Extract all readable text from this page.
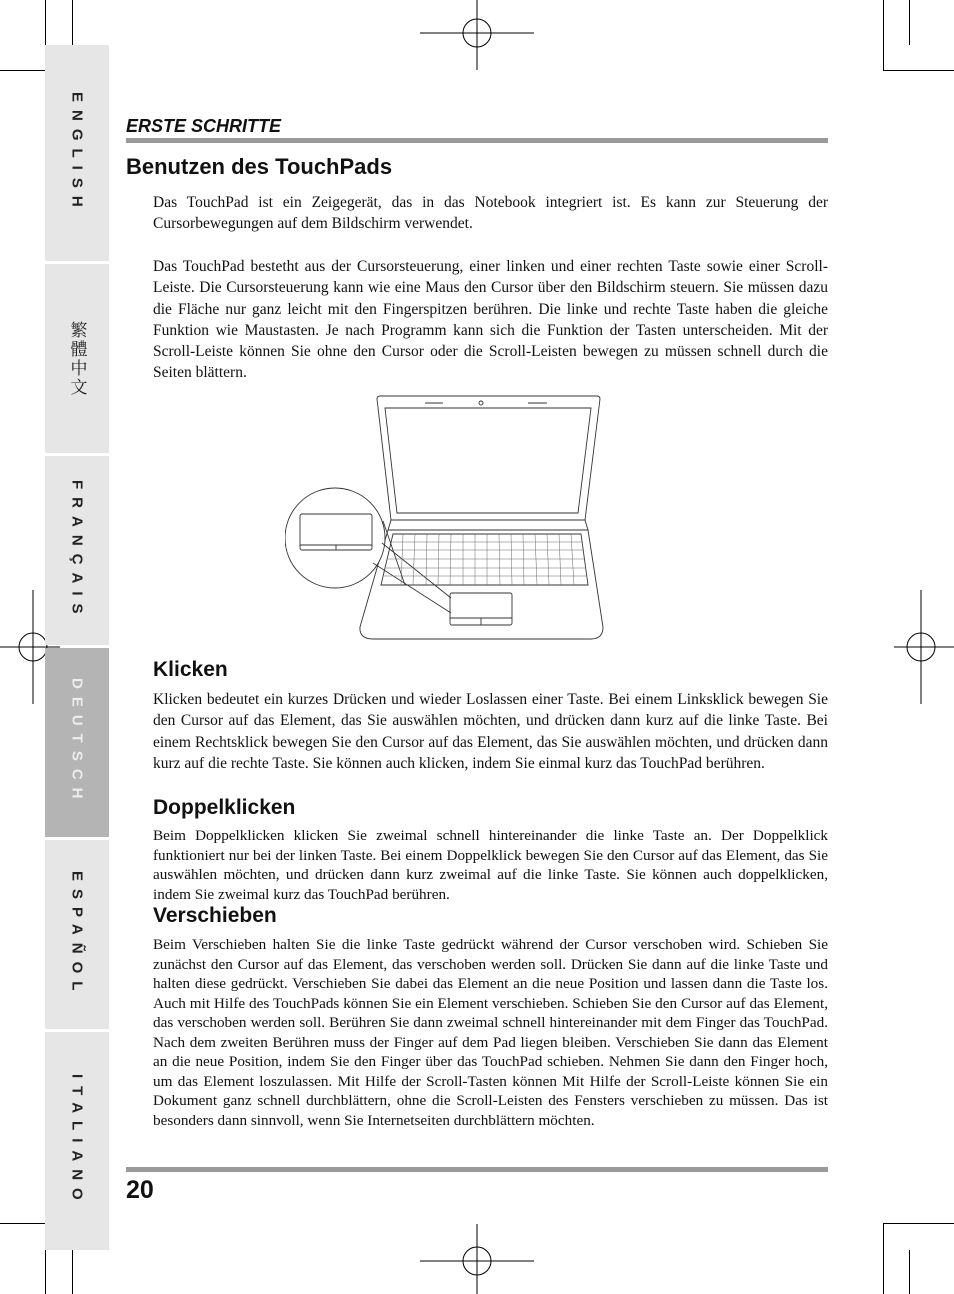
ENGLISH
繁體中文
FRANÇAIS
DEUTSCH
ESPAÑOL
ITALIANO
ERSTE SCHRITTE
Benutzen des TouchPads

Das TouchPad ist ein Zeigegerät, das in das Notebook integriert ist. Es kann zur Steuerung der Cursorbewegungen auf dem Bildschirm verwendet.

Das TouchPad bestetht aus der Cursorsteuerung, einer linken und einer rechten Taste sowie einer Scroll-Leiste. Die Cursorsteuerung kann wie eine Maus den Cursor über den Bildschirm steuern. Sie müssen dazu die Fläche nur ganz leicht mit den Fingerspitzen berühren. Die linke und rechte Taste haben die gleiche Funktion wie Maustasten. Je nach Programm kann sich die Funktion der Tasten unterscheiden. Mit der Scroll-Leiste können Sie ohne den Cursor oder die Scroll-Leisten bewegen zu müssen schnell durch die Seiten blättern.

Klicken

Klicken bedeutet ein kurzes Drücken und wieder Loslassen einer Taste. Bei einem Linksklick bewegen Sie den Cursor auf das Element, das Sie auswählen möchten, und drücken dann kurz auf die linke Taste. Bei einem Rechtsklick bewegen Sie den Cursor auf das Element, das Sie auswählen möchten, und drücken dann kurz auf die rechte Taste. Sie können auch klicken, indem Sie einmal kurz das TouchPad berühren.

Doppelklicken

Beim Doppelklicken klicken Sie zweimal schnell hintereinander die linke Taste an. Der Doppelklick funktioniert nur bei der linken Taste. Bei einem Doppelklick bewegen Sie den Cursor auf das Element, das Sie auswählen möchten, und drücken dann kurz zweimal auf die linke Taste. Sie können auch doppelklicken, indem Sie zweimal kurz das TouchPad berühren.

Verschieben

Beim Verschieben halten Sie die linke Taste gedrückt während der Cursor verschoben wird. Schieben Sie zunächst den Cursor auf das Element, das verschoben werden soll. Drücken Sie dann auf die linke Taste und halten diese gedrückt. Verschieben Sie dabei das Element an die neue Position und lassen dann die Taste los. Auch mit Hilfe des TouchPads können Sie ein Element verschieben. Schieben Sie den Cursor auf das Element, das verschoben werden soll. Berühren Sie dann zweimal schnell hintereinander mit dem Finger das TouchPad. Nach dem zweiten Berühren muss der Finger auf dem Pad liegen bleiben. Verschieben Sie dann das Element an die neue Position, indem Sie den Finger über das TouchPad schieben. Nehmen Sie dann den Finger hoch, um das Element loszulassen. Mit Hilfe der Scroll-Tasten können Mit Hilfe der Scroll-Leiste können Sie ein Dokument ganz schnell durchblättern, ohne die Scroll-Leisten des Fensters verschieben zu müssen. Das ist besonders dann sinnvoll, wenn Sie Internetseiten durchblättern möchten.

20
